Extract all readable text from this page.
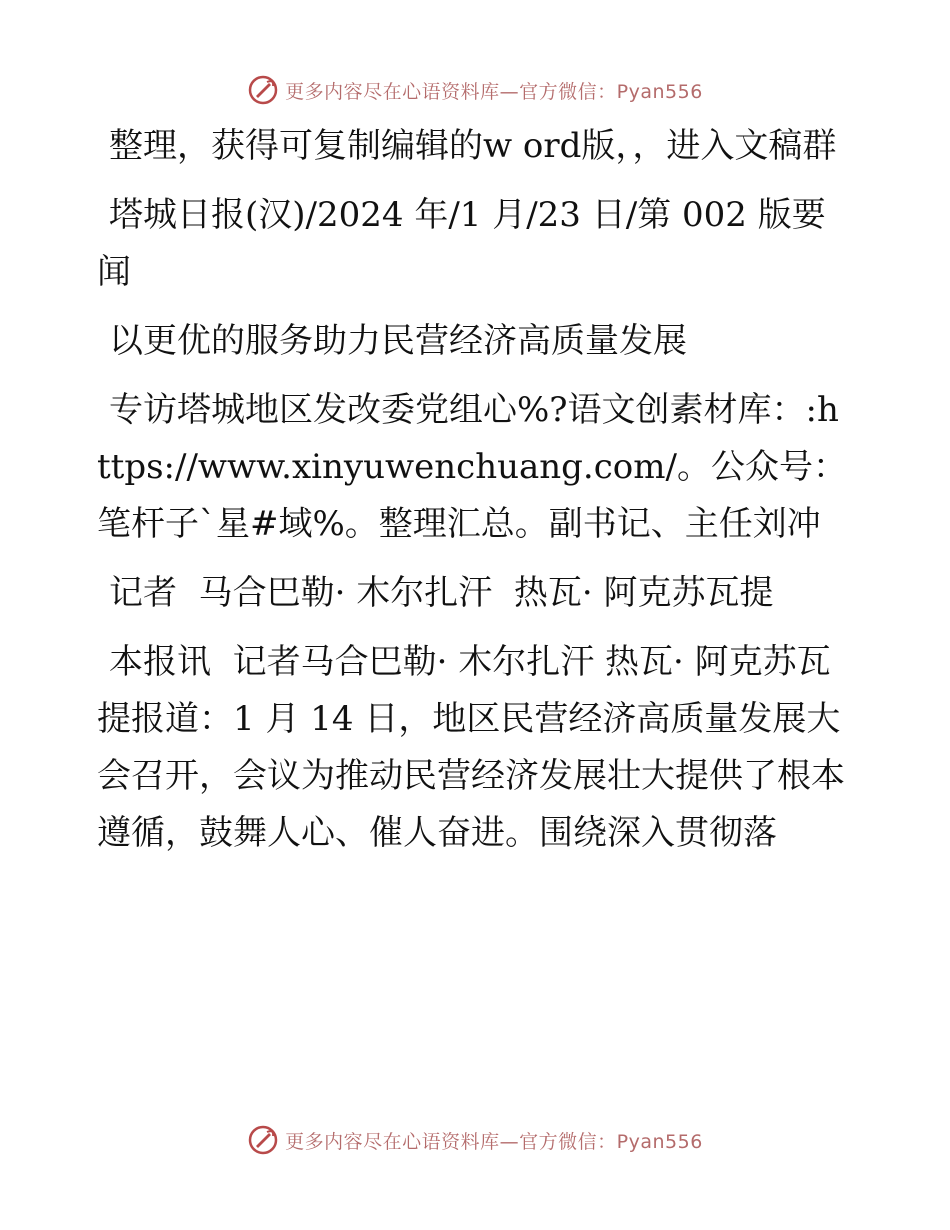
更多内容尽在心语资料库—官方微信：Pyan556

整理，获得可复制编辑的w ord版，，进入文稿群

塔城日报(汉)/2024 年/1 月/23 日/第 002 版要闻

以更优的服务助力民营经济高质量发展

专访塔城地区发改委党组心%?语文创素材库：:https://www.xinyuwenchuang.com/。公众号：笔杆子`星#域%。整理汇总。副书记、主任刘冲

记者  马合巴勒· 木尔扎汗  热瓦· 阿克苏瓦提

本报讯  记者马合巴勒· 木尔扎汗 热瓦· 阿克苏瓦提报道：1 月 14 日，地区民营经济高质量发展大会召开，会议为推动民营经济发展壮大提供了根本遵循，鼓舞人心、催人奋进。围绕深入贯彻落

更多内容尽在心语资料库—官方微信：Pyan556
